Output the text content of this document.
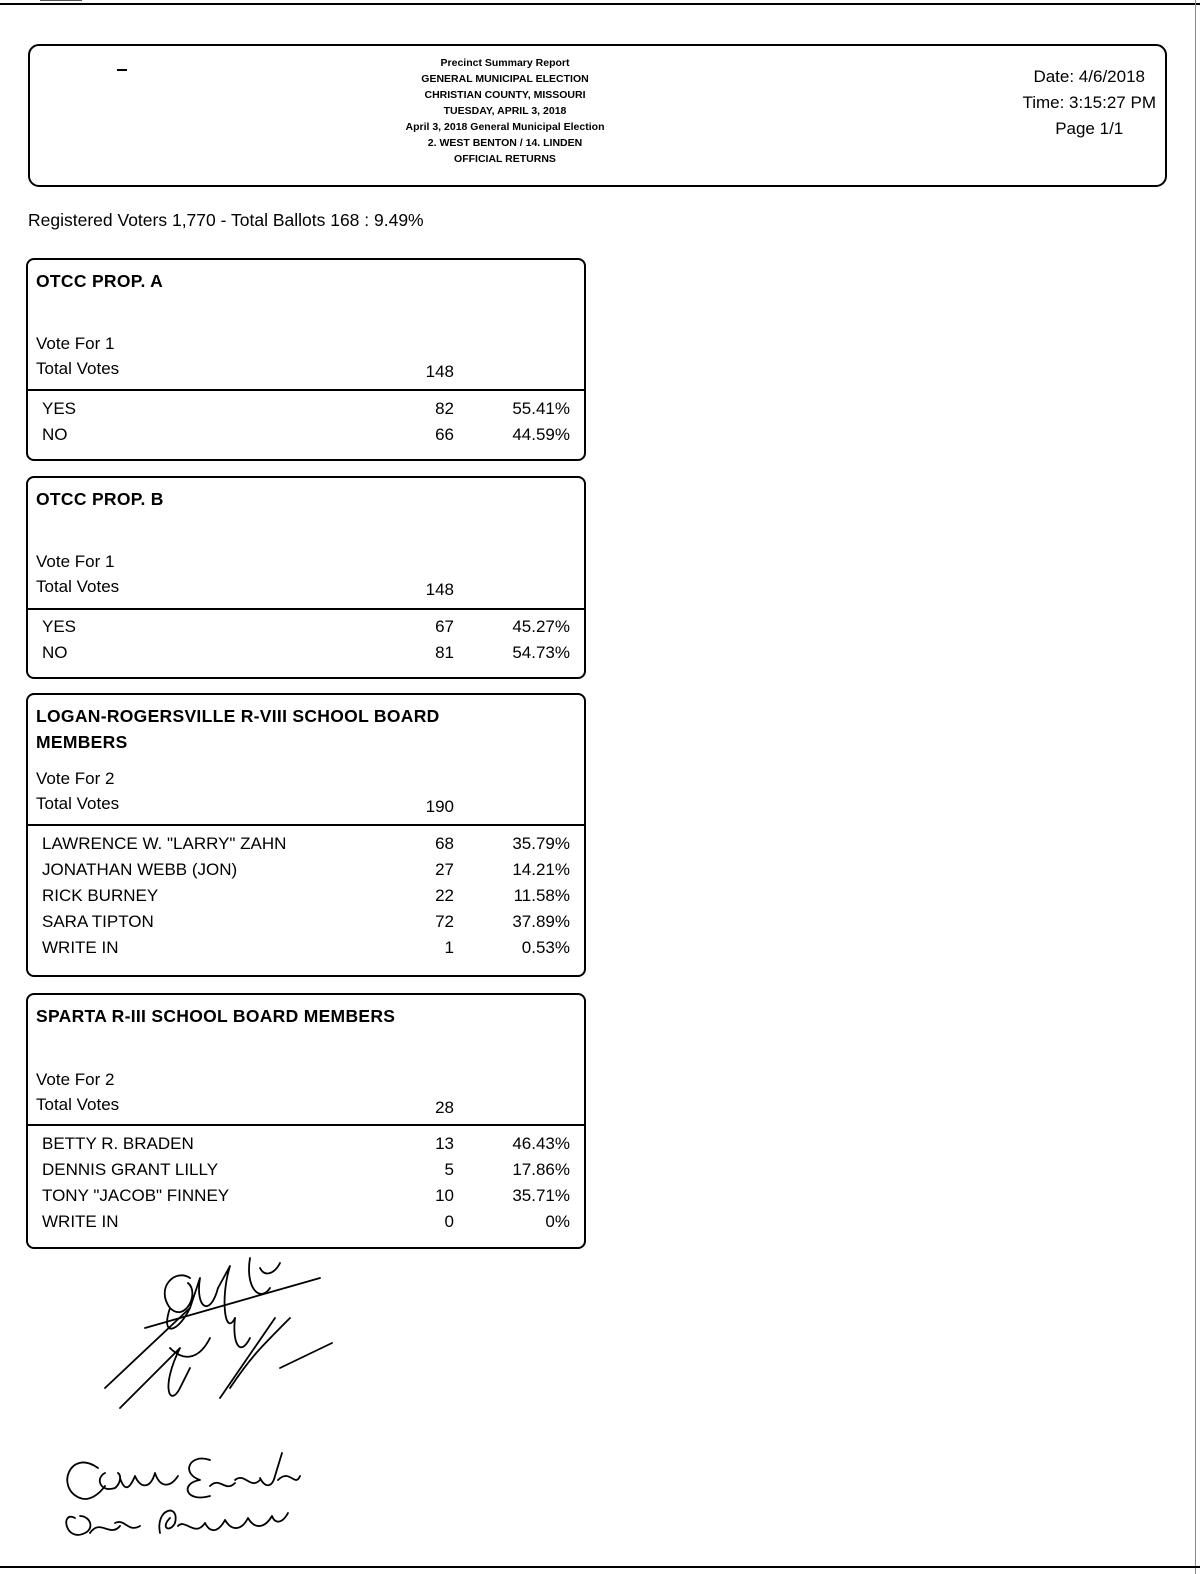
Precinct Summary Report
GENERAL MUNICIPAL ELECTION
CHRISTIAN COUNTY, MISSOURI
TUESDAY, APRIL 3, 2018
April 3, 2018 General Municipal Election
2. WEST BENTON / 14. LINDEN
OFFICIAL RETURNS
Date: 4/6/2018
Time: 3:15:27 PM
Page 1/1
Registered Voters 1,770 - Total Ballots 168 : 9.49%
OTCC PROP. A
Vote For 1
Total Votes	148
YES	82	55.41%
NO	66	44.59%
OTCC PROP. B
Vote For 1
Total Votes	148
YES	67	45.27%
NO	81	54.73%
LOGAN-ROGERSVILLE R-VIII SCHOOL BOARD MEMBERS
Vote For 2
Total Votes	190
LAWRENCE W. "LARRY" ZAHN	68	35.79%
JONATHAN WEBB (JON)	27	14.21%
RICK BURNEY	22	11.58%
SARA TIPTON	72	37.89%
WRITE IN	1	0.53%
SPARTA R-III SCHOOL BOARD MEMBERS
Vote For 2
Total Votes	28
BETTY R. BRADEN	13	46.43%
DENNIS GRANT LILLY	5	17.86%
TONY "JACOB" FINNEY	10	35.71%
WRITE IN	0	0%
